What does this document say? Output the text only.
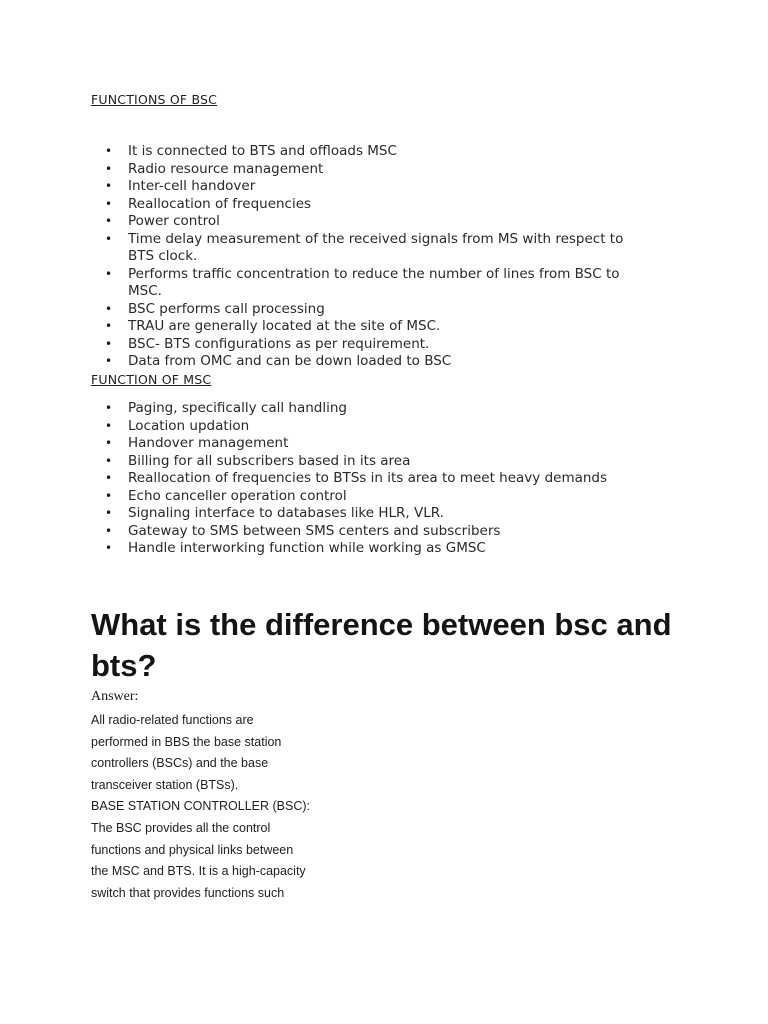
FUNCTIONS OF BSC
• It is connected to BTS and offloads MSC
• Radio resource management
• Inter-cell handover
• Reallocation of frequencies
• Power control
• Time delay measurement of the received signals from MS with respect to BTS clock.
• Performs traffic concentration to reduce the number of lines from BSC to MSC.
• BSC performs call processing
• TRAU are generally located at the site of MSC.
• BSC- BTS configurations as per requirement.
• Data from OMC and can be down loaded to BSC
FUNCTION OF MSC
• Paging, specifically call handling
• Location updation
• Handover management
• Billing for all subscribers based in its area
• Reallocation of frequencies to BTSs in its area to meet heavy demands
• Echo canceller operation control
• Signaling interface to databases like HLR, VLR.
• Gateway to SMS between SMS centers and subscribers
• Handle interworking function while working as GMSC
What is the difference between bsc and bts?
Answer:
All radio-related functions are
performed in BBS the base station
controllers (BSCs) and the base
transceiver station (BTSs).
BASE STATION CONTROLLER (BSC):
The BSC provides all the control
functions and physical links between
the MSC and BTS. It is a high-capacity
switch that provides functions such
